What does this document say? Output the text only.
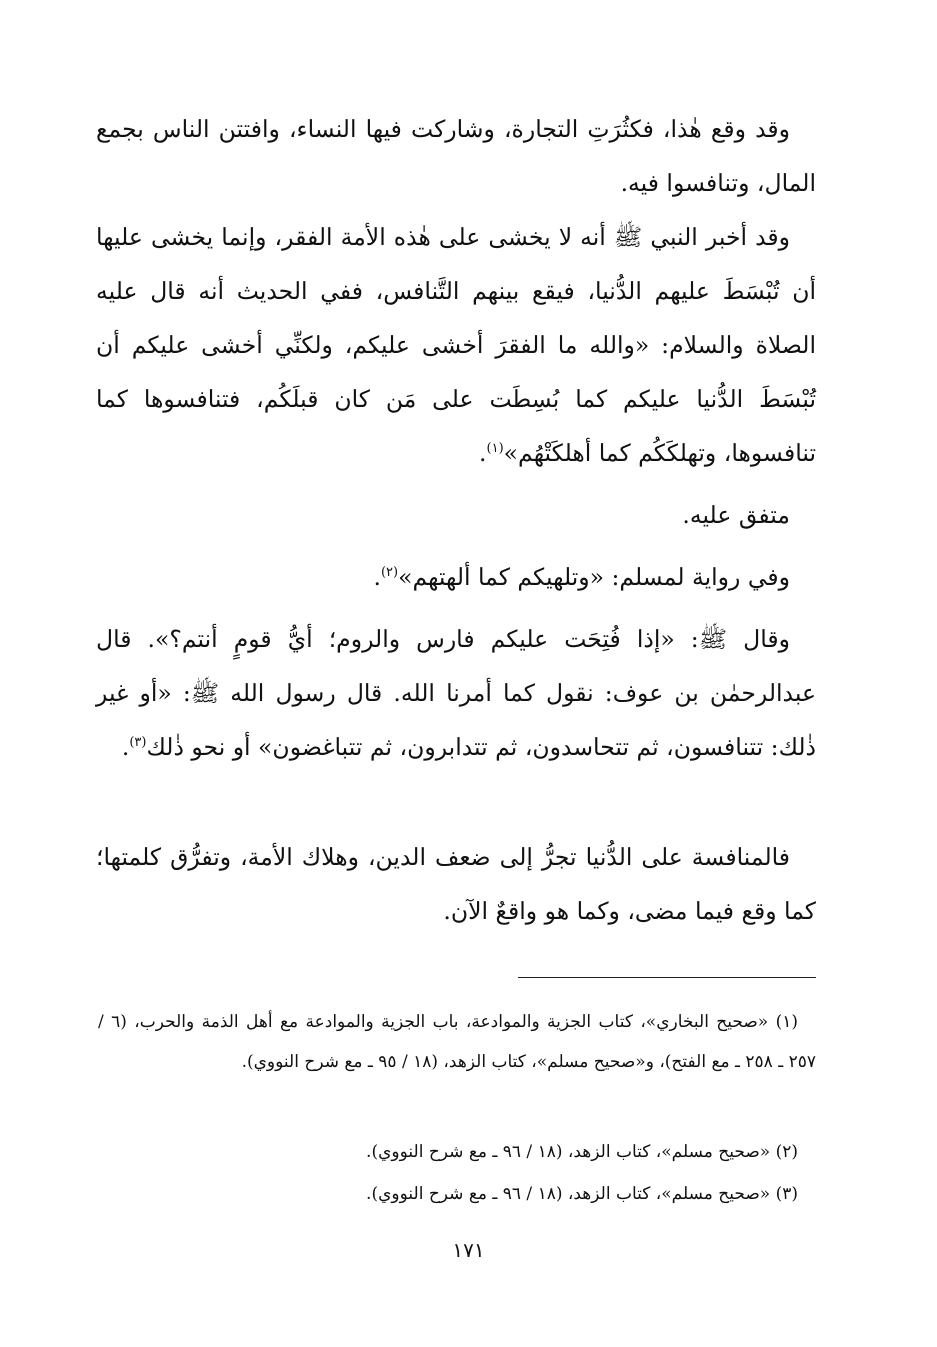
وقد وقع هٰذا، فكثُرَتِ التجارة، وشاركت فيها النساء، وافتتن الناس بجمع المال، وتنافسوا فيه.

وقد أخبر النبي ﷺ أنه لا يخشى على هٰذه الأمة الفقر، وإنما يخشى عليها أن تُبْسَطَ عليهم الدُّنيا، فيقع بينهم التَّنافس، ففي الحديث أنه قال عليه الصلاة والسلام: «والله ما الفقرَ أخشى عليكم، ولكنِّي أخشى عليكم أن تُبْسَطَ الدُّنيا عليكم كما بُسِطَت على مَن كان قبلَكُم، فتنافسوها كما تنافسوها، وتهلكَكُم كما أهلكَتْهُم»$^{(١)}$.

متفق عليه.

وفي رواية لمسلم: «وتلهيكم كما ألهتهم»$^{(٢)}$.

وقال ﷺ: «إذا فُتِحَت عليكم فارس والروم؛ أيُّ قومٍ أنتم؟». قال عبدالرحمٰن بن عوف: نقول كما أمرنا الله. قال رسول الله ﷺ: «أو غير ذٰلك: تتنافسون، ثم تتحاسدون، ثم تتدابرون، ثم تتباغضون» أو نحو ذٰلك$^{(٣)}$.

فالمنافسة على الدُّنيا تجرُّ إلى ضعف الدين، وهلاك الأمة، وتفرُّق كلمتها؛ كما وقع فيما مضى، وكما هو واقعٌ الآن.

(١) «صحيح البخاري»، كتاب الجزية والموادعة، باب الجزية والموادعة مع أهل الذمة والحرب، (٦ / ٢٥٧ ـ ٢٥٨ ـ مع الفتح)، و«صحيح مسلم»، كتاب الزهد، (١٨ / ٩٥ ـ مع شرح النووي).

(٢) «صحيح مسلم»، كتاب الزهد، (١٨ / ٩٦ ـ مع شرح النووي).

(٣) «صحيح مسلم»، كتاب الزهد، (١٨ / ٩٦ ـ مع شرح النووي).

١٧١
